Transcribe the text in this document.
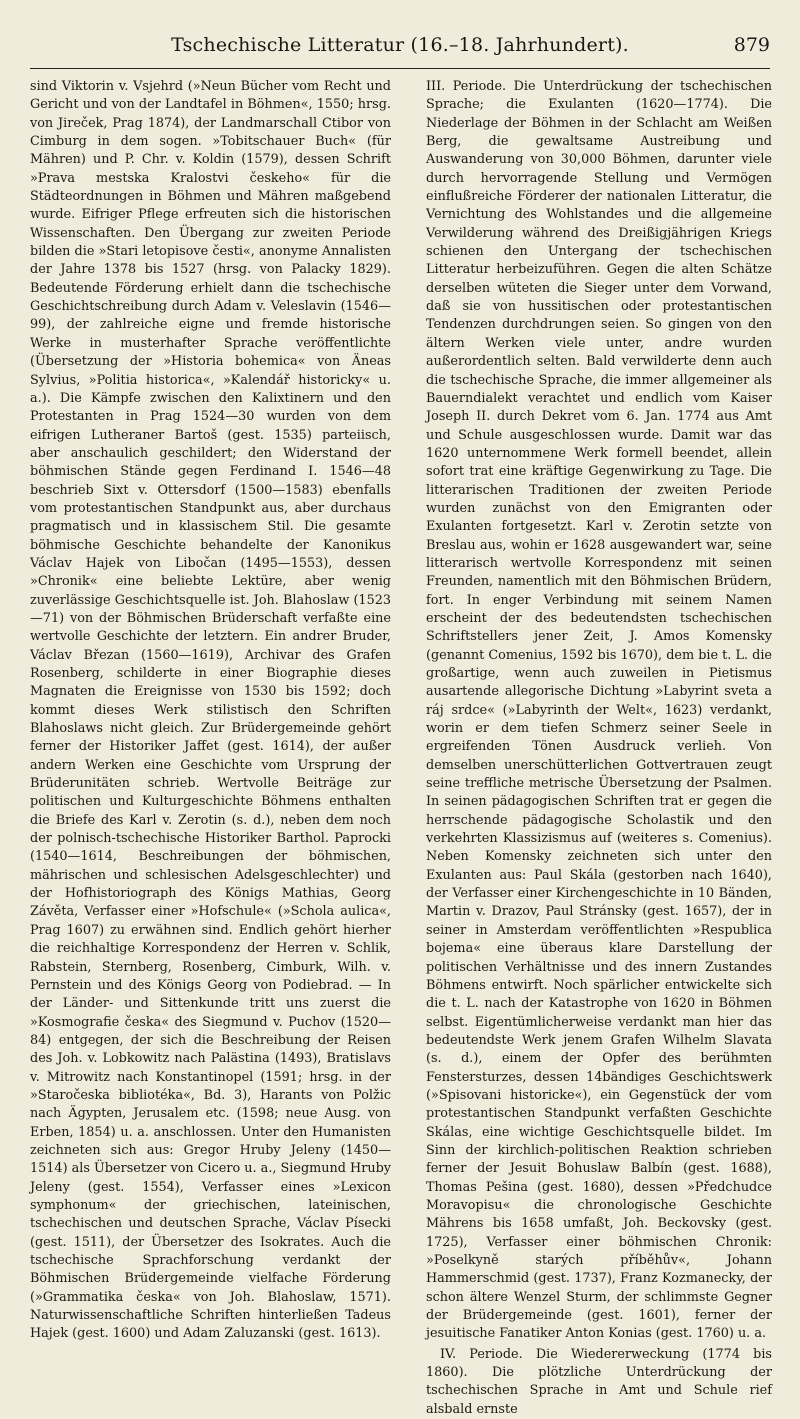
Tschechische Litteratur (16.–18. Jahrhundert).	879

sind Viktorin v. Vsjehrd (»Neun Bücher vom Recht und Gericht und von der Landtafel in Böhmen«, 1550; hrsg. von Jireček, Prag 1874), der Landmarschall Ctibor von Cimburg in dem sogen. »Tobitschauer Buch« (für Mähren) und P. Chr. v. Koldin (1579), dessen Schrift »Prava mestska Kralostvi českeho« für die Städteordnungen in Böhmen und Mähren maßgebend wurde. Eifriger Pflege erfreuten sich die historischen Wissenschaften. Den Übergang zur zweiten Periode bilden die »Stari letopisove česti«, anonyme Annalisten der Jahre 1378 bis 1527 (hrsg. von Palacky 1829). Bedeutende Förderung erhielt dann die tschechische Geschichtschreibung durch Adam v. Veleslavin (1546—99), der zahlreiche eigne und fremde historische Werke in musterhafter Sprache veröffentlichte (Übersetzung der »Historia bohemica« von Äneas Sylvius, »Politia historica«, »Kalendář historicky« u. a.). Die Kämpfe zwischen den Kalixtinern und den Protestanten in Prag 1524—30 wurden von dem eifrigen Lutheraner Bartoš (gest. 1535) parteiisch, aber anschaulich geschildert; den Widerstand der böhmischen Stände gegen Ferdinand I. 1546—48 beschrieb Sixt v. Ottersdorf (1500—1583) ebenfalls vom protestantischen Standpunkt aus, aber durchaus pragmatisch und in klassischem Stil. Die gesamte böhmische Geschichte behandelte der Kanonikus Václav Hajek von Libočan (1495—1553), dessen »Chronik« eine beliebte Lektüre, aber wenig zuverlässige Geschichtsquelle ist. Joh. Blahoslaw (1523—71) von der Böhmischen Brüderschaft verfaßte eine wertvolle Geschichte der letztern. Ein andrer Bruder, Václav Březan (1560—1619), Archivar des Grafen Rosenberg, schilderte in einer Biographie dieses Magnaten die Ereignisse von 1530 bis 1592; doch kommt dieses Werk stilistisch den Schriften Blahoslaws nicht gleich. Zur Brüdergemeinde gehört ferner der Historiker Jaffet (gest. 1614), der außer andern Werken eine Geschichte vom Ursprung der Brüderunitäten schrieb. Wertvolle Beiträge zur politischen und Kulturgeschichte Böhmens enthalten die Briefe des Karl v. Zerotin (s. d.), neben dem noch der polnisch-tschechische Historiker Barthol. Paprocki (1540—1614, Beschreibungen der böhmischen, mährischen und schlesischen Adelsgeschlechter) und der Hofhistoriograph des Königs Mathias, Georg Závěta, Verfasser einer »Hofschule« (»Schola aulica«, Prag 1607) zu erwähnen sind. Endlich gehört hierher die reichhaltige Korrespondenz der Herren v. Schlik, Rabstein, Sternberg, Rosenberg, Cimburk, Wilh. v. Pernstein und des Königs Georg von Podiebrad. — In der Länder- und Sittenkunde tritt uns zuerst die »Kosmografie česka« des Siegmund v. Puchov (1520—84) entgegen, der sich die Beschreibung der Reisen des Joh. v. Lobkowitz nach Palästina (1493), Bratislavs v. Mitrowitz nach Konstantinopel (1591; hrsg. in der »Staročeska bibliotéka«, Bd. 3), Harants von Polžic nach Ägypten, Jerusalem etc. (1598; neue Ausg. von Erben, 1854) u. a. anschlossen. Unter den Humanisten zeichneten sich aus: Gregor Hruby Jeleny (1450—1514) als Übersetzer von Cicero u. a., Siegmund Hruby Jeleny (gest. 1554), Verfasser eines »Lexicon symphonum« der griechischen, lateinischen, tschechischen und deutschen Sprache, Václav Písecki (gest. 1511), der Übersetzer des Isokrates. Auch die tschechische Sprachforschung verdankt der Böhmischen Brüdergemeinde vielfache Förderung (»Grammatika česka« von Joh. Blahoslaw, 1571). Naturwissenschaftliche Schriften hinterließen Tadeus Hajek (gest. 1600) und Adam Zaluzanski (gest. 1613).

III. Periode. Die Unterdrückung der tschechischen Sprache; die Exulanten (1620—1774). Die Niederlage der Böhmen in der Schlacht am Weißen Berg, die gewaltsame Austreibung und Auswanderung von 30,000 Böhmen, darunter viele durch hervorragende Stellung und Vermögen einflußreiche Förderer der nationalen Litteratur, die Vernichtung des Wohlstandes und die allgemeine Verwilderung während des Dreißigjährigen Kriegs schienen den Untergang der tschechischen Litteratur herbeizuführen. Gegen die alten Schätze derselben wüteten die Sieger unter dem Vorwand, daß sie von hussitischen oder protestantischen Tendenzen durchdrungen seien. So gingen von den ältern Werken viele unter, andre wurden außerordentlich selten. Bald verwilderte denn auch die tschechische Sprache, die immer allgemeiner als Bauerndialekt verachtet und endlich vom Kaiser Joseph II. durch Dekret vom 6. Jan. 1774 aus Amt und Schule ausgeschlossen wurde. Damit war das 1620 unternommene Werk formell beendet, allein sofort trat eine kräftige Gegenwirkung zu Tage. Die litterarischen Traditionen der zweiten Periode wurden zunächst von den Emigranten oder Exulanten fortgesetzt. Karl v. Zerotin setzte von Breslau aus, wohin er 1628 ausgewandert war, seine litterarisch wertvolle Korrespondenz mit seinen Freunden, namentlich mit den Böhmischen Brüdern, fort. In enger Verbindung mit seinem Namen erscheint der des bedeutendsten tschechischen Schriftstellers jener Zeit, J. Amos Komensky (genannt Comenius, 1592 bis 1670), dem bie t. L. die großartige, wenn auch zuweilen in Pietismus ausartende allegorische Dichtung »Labyrint sveta a ráj srdce« (»Labyrinth der Welt«, 1623) verdankt, worin er dem tiefen Schmerz seiner Seele in ergreifenden Tönen Ausdruck verlieh. Von demselben unerschütterlichen Gottvertrauen zeugt seine treffliche metrische Übersetzung der Psalmen. In seinen pädagogischen Schriften trat er gegen die herrschende pädagogische Scholastik und den verkehrten Klassizismus auf (weiteres s. Comenius). Neben Komensky zeichneten sich unter den Exulanten aus: Paul Skála (gestorben nach 1640), der Verfasser einer Kirchengeschichte in 10 Bänden, Martin v. Drazov, Paul Stránsky (gest. 1657), der in seiner in Amsterdam veröffentlichten »Respublica bojema« eine überaus klare Darstellung der politischen Verhältnisse und des innern Zustandes Böhmens entwirft. Noch spärlicher entwickelte sich die t. L. nach der Katastrophe von 1620 in Böhmen selbst. Eigentümlicherweise verdankt man hier das bedeutendste Werk jenem Grafen Wilhelm Slavata (s. d.), einem der Opfer des berühmten Fenstersturzes, dessen 14bändiges Geschichtswerk (»Spisovani historicke«), ein Gegenstück der vom protestantischen Standpunkt verfaßten Geschichte Skálas, eine wichtige Geschichtsquelle bildet. Im Sinn der kirchlich-politischen Reaktion schrieben ferner der Jesuit Bohuslaw Balbín (gest. 1688), Thomas Pešina (gest. 1680), dessen »Předchudce Moravopisu« die chronologische Geschichte Mährens bis 1658 umfaßt, Joh. Beckovsky (gest. 1725), Verfasser einer böhmischen Chronik: »Poselkyně starých příběhův«, Johann Hammerschmid (gest. 1737), Franz Kozmanecky, der schon ältere Wenzel Sturm, der schlimmste Gegner der Brüdergemeinde (gest. 1601), ferner der jesuitische Fanatiker Anton Konias (gest. 1760) u. a.

IV. Periode. Die Wiedererweckung (1774 bis 1860). Die plötzliche Unterdrückung der tschechischen Sprache in Amt und Schule rief alsbald ernste
